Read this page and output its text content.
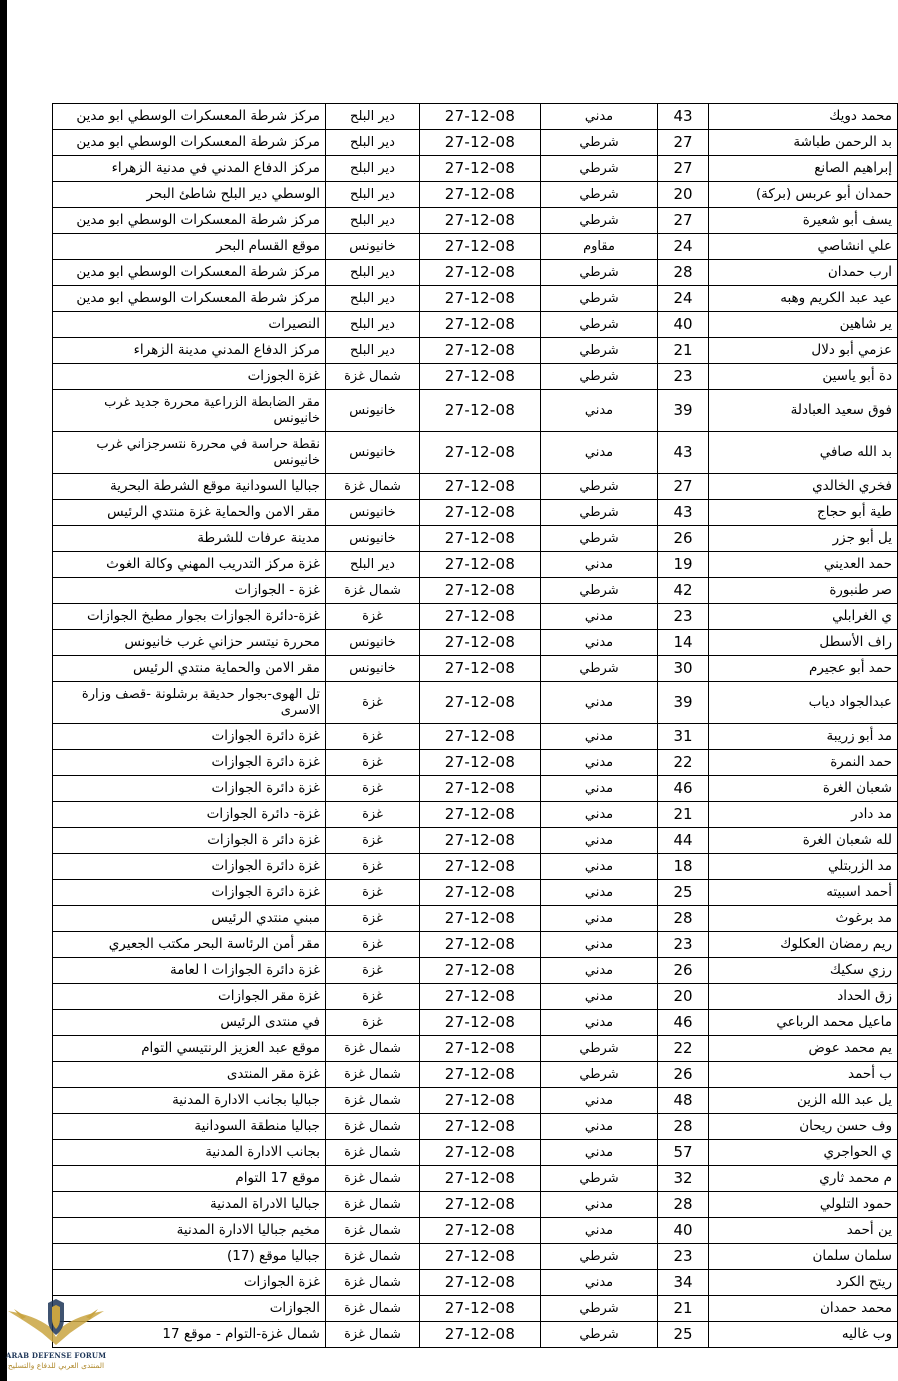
محمد دويك	43	مدني	27-12-08	دير البلح	مركز شرطة المعسكرات الوسطي ابو مدين
بد الرحمن طباشة	27	شرطي	27-12-08	دير البلح	مركز شرطة المعسكرات الوسطي ابو مدين
إبراهيم الصانع	27	شرطي	27-12-08	دير البلح	مركز الدفاع المدني في مدنية الزهراء
حمدان أبو عربس (بركة)	20	شرطي	27-12-08	دير البلح	الوسطي دير البلح شاطئ البحر
يسف أبو شعيرة	27	شرطي	27-12-08	دير البلح	مركز شرطة المعسكرات الوسطي ابو مدين
علي انشاصي	24	مقاوم	27-12-08	خانيونس	موقع القسام البحر
ارب حمدان	28	شرطي	27-12-08	دير البلح	مركز شرطة المعسكرات الوسطي ابو مدين
عيد عبد الكريم وهبه	24	شرطي	27-12-08	دير البلح	مركز شرطة المعسكرات الوسطي ابو مدين
ير شاهين	40	شرطي	27-12-08	دير البلح	النصيرات
عزمي أبو دلال	21	شرطي	27-12-08	دير البلح	مركز الدفاع المدني مدينة الزهراء
دة أبو ياسين	23	شرطي	27-12-08	شمال غزة	غزة الجوزات
فوق سعيد العبادلة	39	مدني	27-12-08	خانيونس	مقر الضابطة الزراعية محررة جديد غرب خانيونس
بد الله صافي	43	مدني	27-12-08	خانيونس	نقطة حراسة في محررة نتسرجزاني غرب خانيونس
فخري الخالدي	27	شرطي	27-12-08	شمال غزة	جباليا السودانية موقع الشرطة البحرية
طية أبو حجاج	43	شرطي	27-12-08	خانيونس	مقر الامن والحماية غزة منتدي الرئيس
يل أبو جزر	26	شرطي	27-12-08	خانيونس	مدينة عرفات للشرطة
حمد العديني	19	مدني	27-12-08	دير البلح	غزة مركز التدريب المهني وكالة الغوث
صر طنبورة	42	شرطي	27-12-08	شمال غزة	غزة - الجوازات
ي الغرابلي	23	مدني	27-12-08	غزة	غزة-دائرة الجوازات بجوار مطبخ الجوازات
راف الأسطل	14	مدني	27-12-08	خانيونس	محررة نيتسر حزاني غرب خانيونس
حمد أبو عجيرم	30	شرطي	27-12-08	خانيونس	مقر الامن والحماية منتدي الرئيس
عبدالجواد دياب	39	مدني	27-12-08	غزة	تل الهوى-بجوار حديقة برشلونة -قصف وزارة الاسرى
مد أبو زريبة	31	مدني	27-12-08	غزة	غزة دائرة الجوازات
حمد النمرة	22	مدني	27-12-08	غزة	غزة دائرة الجوازات
شعبان الغرة	46	مدني	27-12-08	غزة	غزة دائرة الجوازات
مد دادر	21	مدني	27-12-08	غزة	غزة- دائرة الجوازات
لله شعبان الغرة	44	مدني	27-12-08	غزة	غزة دائر ة الجوازات
مد الزربتلي	18	مدني	27-12-08	غزة	غزة دائرة الجوازات
أحمد اسبيته	25	مدني	27-12-08	غزة	غزة دائرة الجوازات
مد برغوث	28	مدني	27-12-08	غزة	مبني منتدي الرئيس
ريم رمضان العكلوك	23	مدني	27-12-08	غزة	مقر أمن الرئاسة البحر مكتب الجعيري
رزي سكيك	26	مدني	27-12-08	غزة	غزة دائرة الجوازات ا لعامة
زق الحداد	20	مدني	27-12-08	غزة	غزة مقر الجوازات
ماعيل محمد الرباعي	46	مدني	27-12-08	غزة	في منتدى الرئيس
يم محمد عوض	22	شرطي	27-12-08	شمال غزة	موقع عبد العزيز الرنتيسي التوام
ب أحمد	26	شرطي	27-12-08	شمال غزة	غزة مقر المنتدى
يل عبد الله الزين	48	مدني	27-12-08	شمال غزة	جباليا بجانب الادارة المدنية
وف حسن ريحان	28	مدني	27-12-08	شمال غزة	جباليا منطقة السودانية
ي الحواجري	57	مدني	27-12-08	شمال غزة	بجانب الادارة المدنية
م محمد ثاري	32	شرطي	27-12-08	شمال غزة	موقع 17 التوام
حمود التلولي	28	مدني	27-12-08	شمال غزة	جباليا الادراة المدنية
ين أحمد	40	مدني	27-12-08	شمال غزة	مخيم جباليا الادارة المدنية
سلمان سلمان	23	شرطي	27-12-08	شمال غزة	جباليا موقع (17)
ريتح الكرد	34	مدني	27-12-08	شمال غزة	غزة الجوازات
محمد حمدان	21	شرطي	27-12-08	شمال غزة	الجوازات
وب غاليه	25	شرطي	27-12-08	شمال غزة	شمال غزة-التوام - موقع 17
ARAB DEFENSE FORUM
المنتدى العربي للدفاع والتسليح
